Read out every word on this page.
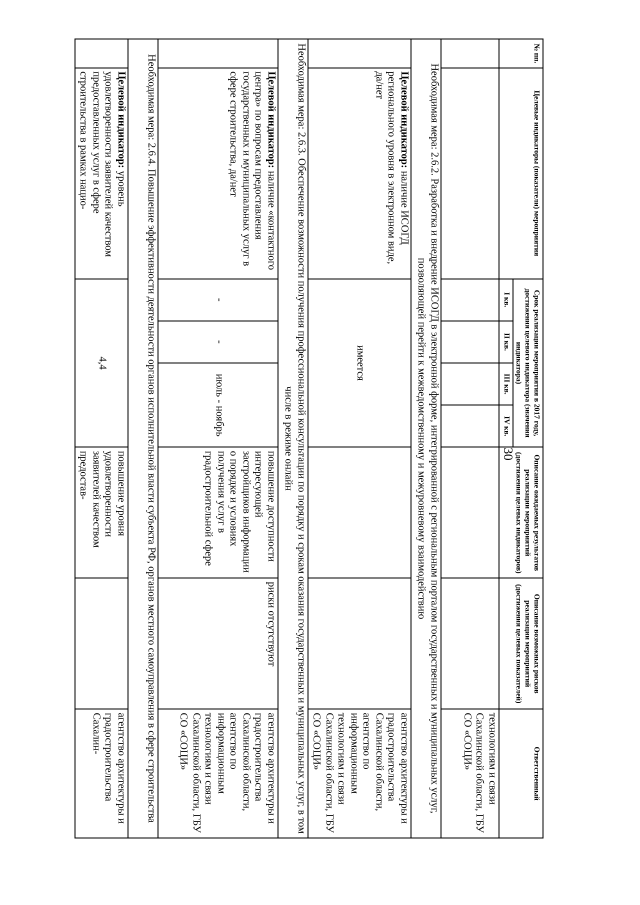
30
№ пп.	Целевые индикаторы (показатели) мероприятия	Срок реализации мероприятия в 2017 году, достижения целевого индикатора (значения индикатора)				Описание ожидаемых результатов реализации мероприятий (достижения целевых индикаторов)	Описание возможных рисков реализации мероприятий (достижения целевых показателей)	Ответственный
		I кв.	II кв.	III кв.	IV кв.			
								технологиям и связи Сахалинской области, ГБУ СО «СОЦИ»
Необходимая мера: 2.6.2. Разработка и внедрение ИСОГД в электронной форме, интегрированной с региональным порталом государственных и муниципальных услуг, позволяющей перейти к межведомственному и межуровневому взаимодействию								
	Целевой индикатор: наличие ИСОГД регионального уровня в электронном виде, да/нет	имеется						агентство архитектуры и градостроительства Сахалинской области, агентство по информационным технологиям и связи Сахалинской области, ГБУ СО «СОЦИ»
Необходимая мера: 2.6.3. Обеспечение возможности получения профессиональной консультации по порядку и срокам оказания государственных и муниципальных услуг, в том числе в режиме онлайн								
	Целевой индикатор: наличие «контактного центра» по вопросам предоставления государственных и муниципальных услуг в сфере строительства, да/нет	-	-	июль - ноябрь		повышение доступности интересующей застройщиков информации о порядке и условиях получения услуг в градостроительной сфере	риски отсутствуют	агентство архитектуры и градостроительства Сахалинской области, агентство по информационным технологиям и связи Сахалинской области, ГБУ СО «СОЦИ»
Необходимая мера: 2.6.4. Повышение эффективности деятельности органов исполнительной власти субъекта РФ, органов местного самоуправления в сфере строительства								
	Целевой индикатор: уровень удовлетворенности заявителей качеством предоставленных услуг в сфере строительства в рамках нацио-	4,4				повышение уровня удовлетворенности заявителей качеством предостав-		агентство архитектуры и градостроительства Сахалин-
